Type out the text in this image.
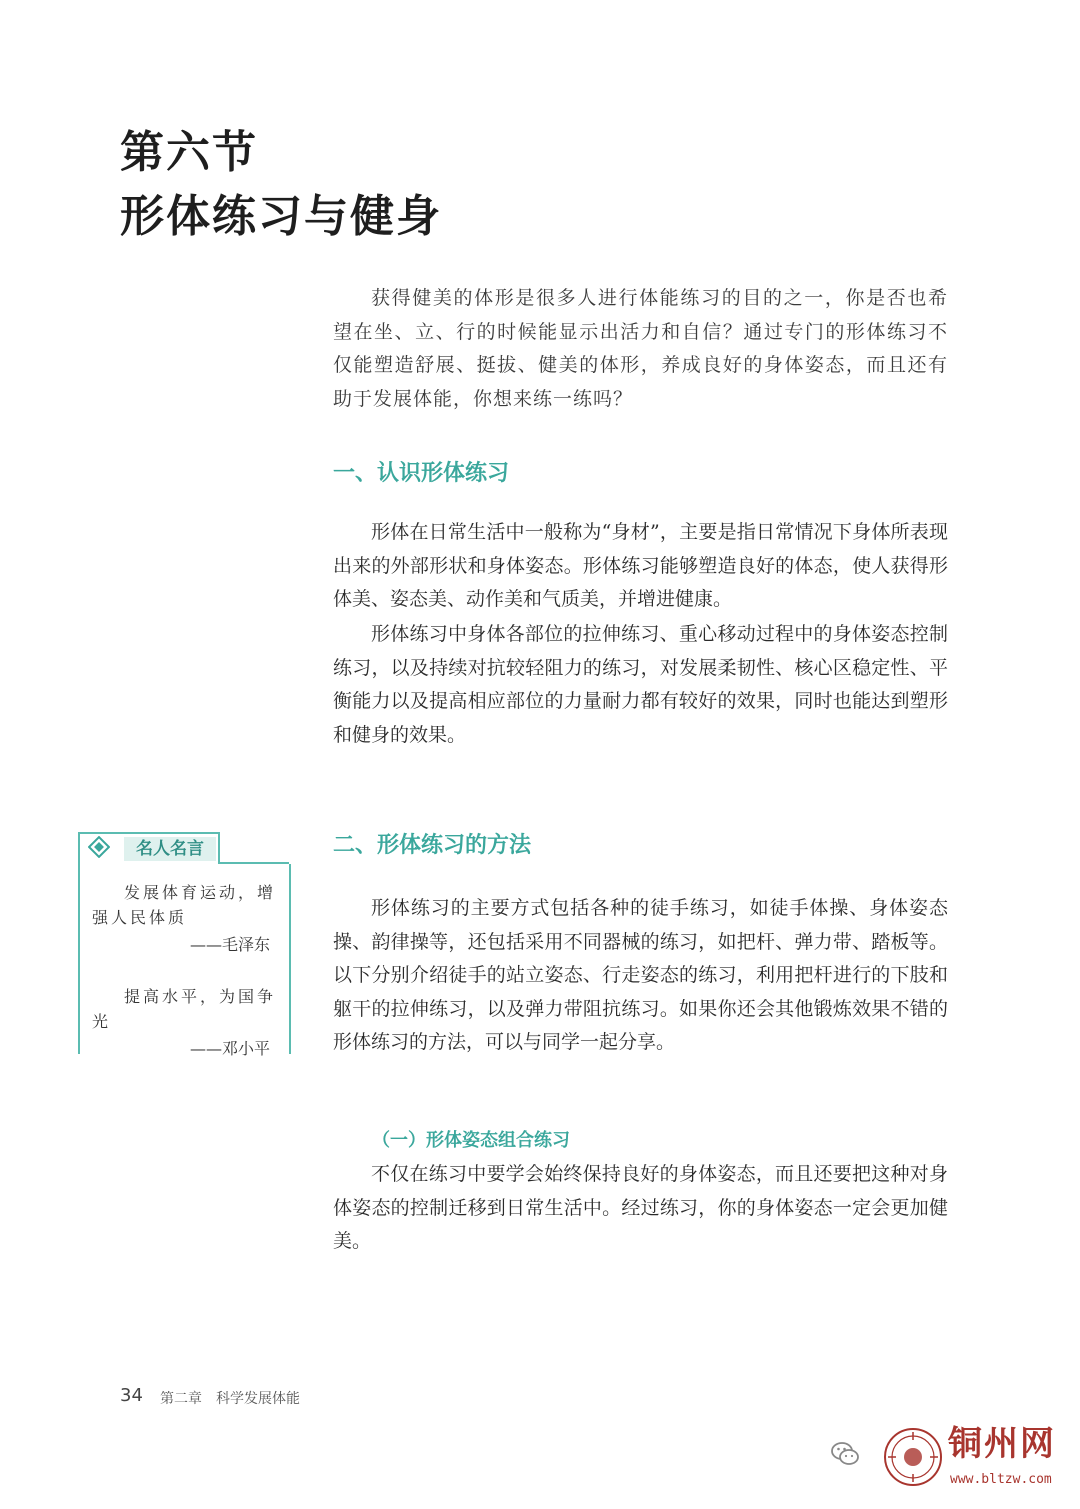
第六节
形体练习与健身

获得健美的体形是很多人进行体能练习的目的之一，你是否也希望在坐、立、行的时候能显示出活力和自信？通过专门的形体练习不仅能塑造舒展、挺拔、健美的体形，养成良好的身体姿态，而且还有助于发展体能，你想来练一练吗？

一、认识形体练习

形体在日常生活中一般称为“身材”，主要是指日常情况下身体所表现出来的外部形状和身体姿态。形体练习能够塑造良好的体态，使人获得形体美、姿态美、动作美和气质美，并增进健康。

形体练习中身体各部位的拉伸练习、重心移动过程中的身体姿态控制练习，以及持续对抗较轻阻力的练习，对发展柔韧性、核心区稳定性、平衡能力以及提高相应部位的力量耐力都有较好的效果，同时也能达到塑形和健身的效果。

名人名言

发展体育运动，增强人民体质

——毛泽东

提高水平，为国争光

——邓小平
二、形体练习的方法

形体练习的主要方式包括各种的徒手练习，如徒手体操、身体姿态操、韵律操等，还包括采用不同器械的练习，如把杆、弹力带、踏板等。以下分别介绍徒手的站立姿态、行走姿态的练习，利用把杆进行的下肢和躯干的拉伸练习，以及弹力带阻抗练习。如果你还会其他锻炼效果不错的形体练习的方法，可以与同学一起分享。

（一）形体姿态组合练习

不仅在练习中要学会始终保持良好的身体姿态，而且还要把这种对身体姿态的控制迁移到日常生活中。经过练习，你的身体姿态一定会更加健美。

34 第二章　科学发展体能
铜州网
www.bltzw.com
